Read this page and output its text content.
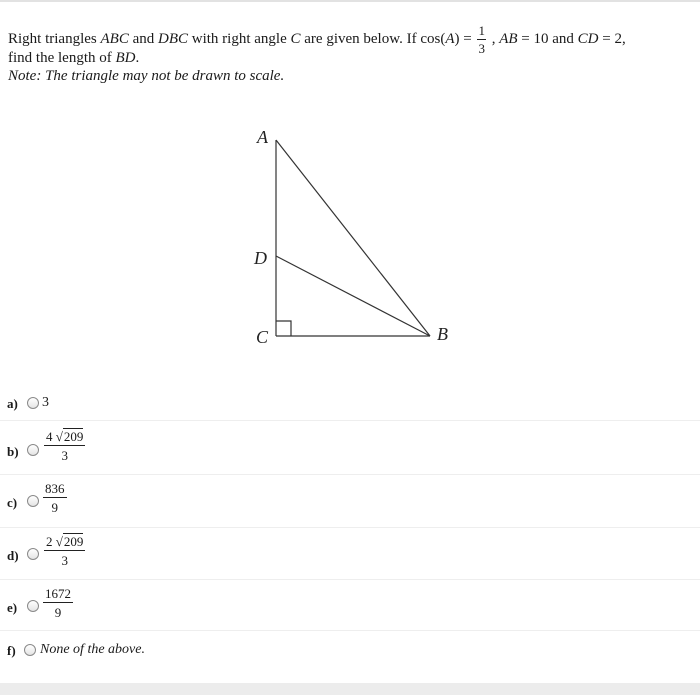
Right triangles ABC and DBC with right angle C are given below. If $\cos(A) = \frac{1}{3}$ , AB = 10 and CD = 2,
find the length of BD.
Note: The triangle may not be drawn to scale.
A
D
C	B
a) 3
$b) \frac{4 √209}{3}$
$c) \frac{836}{9}$
$d) \frac{2 √209}{3}$
$e) \frac{1672}{9}$
f) None of the above.
